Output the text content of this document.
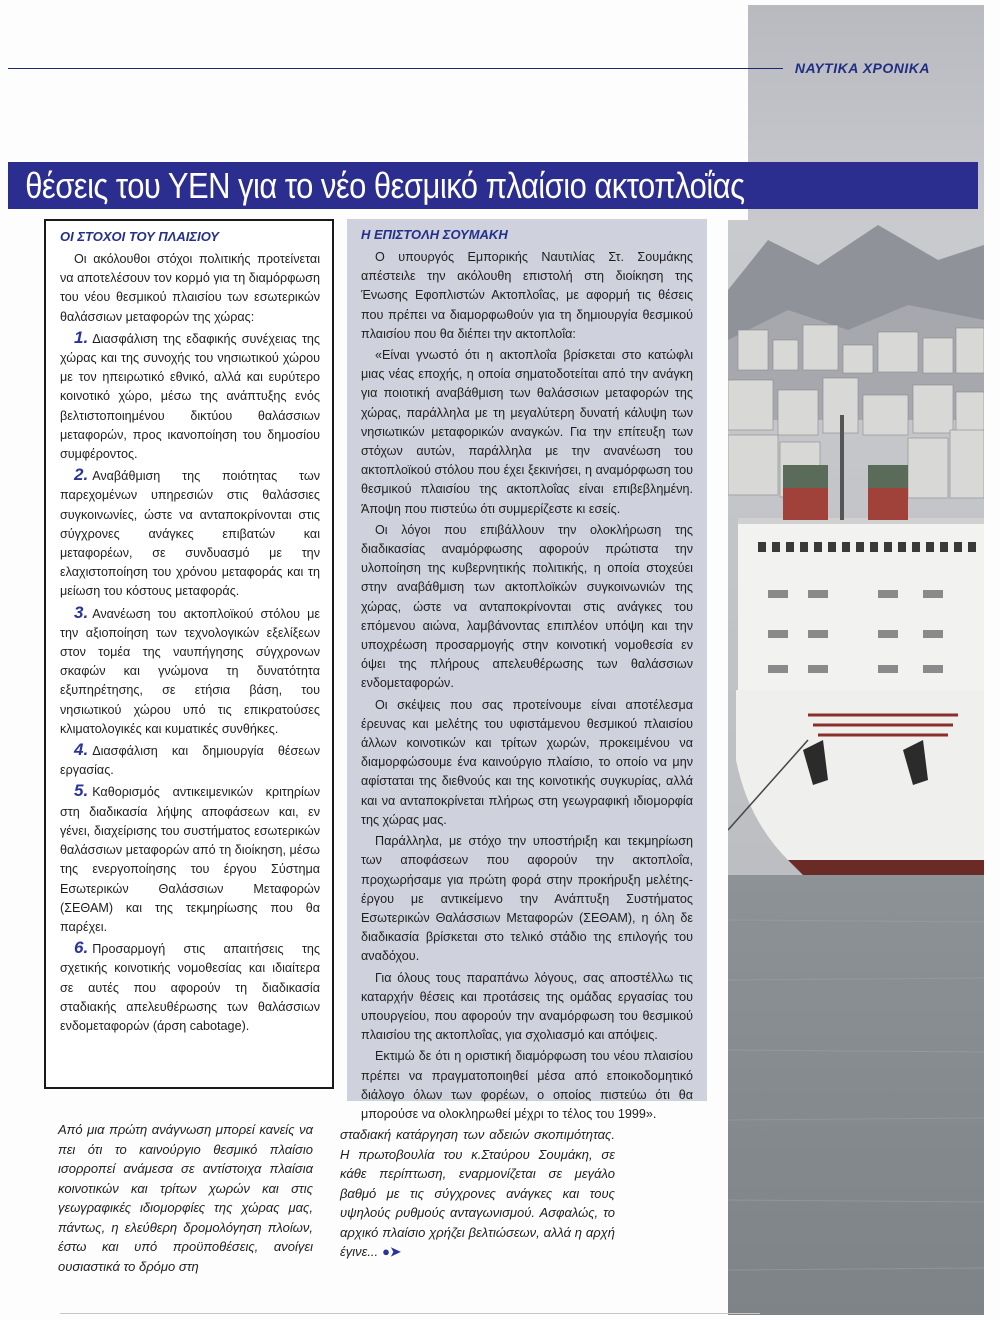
ΝΑΥΤΙΚΑ ΧΡΟΝΙΚΑ
θέσεις του ΥΕΝ για το νέο θεσμικό πλαίσιο ακτοπλοΐας
ΟΙ ΣΤΟΧΟΙ ΤΟΥ ΠΛΑΙΣΙΟΥ

Οι ακόλουθοι στόχοι πολιτικής προτείνεται να αποτελέσουν τον κορμό για τη διαμόρφωση του νέου θεσμικού πλαισίου των εσωτερικών θαλάσσιων μεταφορών της χώρας:

1. Διασφάλιση της εδαφικής συνέχειας της χώρας και της συνοχής του νησιωτικού χώρου με τον ηπειρωτικό εθνικό, αλλά και ευρύτερο κοινοτικό χώρο, μέσω της ανάπτυξης ενός βελτιστοποιημένου δικτύου θαλάσσιων μεταφορών, προς ικανοποίηση του δημοσίου συμφέροντος.

2. Αναβάθμιση της ποιότητας των παρεχομένων υπηρεσιών στις θαλάσσιες συγκοινωνίες, ώστε να ανταποκρίνονται στις σύγχρονες ανάγκες επιβατών και μεταφορέων, σε συνδυασμό με την ελαχιστοποίηση του χρόνου μεταφοράς και τη μείωση του κόστους μεταφοράς.

3. Ανανέωση του ακτοπλοϊκού στόλου με την αξιοποίηση των τεχνολογικών εξελίξεων στον τομέα της ναυπήγησης σύγχρονων σκαφών και γνώμονα τη δυνατότητα εξυπηρέτησης, σε ετήσια βάση, του νησιωτικού χώρου υπό τις επικρατούσες κλιματολογικές και κυματικές συνθήκες.

4. Διασφάλιση και δημιουργία θέσεων εργασίας.

5. Καθορισμός αντικειμενικών κριτηρίων στη διαδικασία λήψης αποφάσεων και, εν γένει, διαχείρισης του συστήματος εσωτερικών θαλάσσιων μεταφορών από τη διοίκηση, μέσω της ενεργοποίησης του έργου Σύστημα Εσωτερικών Θαλάσσιων Μεταφορών (ΣΕΘΑΜ) και της τεκμηρίωσης που θα παρέχει.

6. Προσαρμογή στις απαιτήσεις της σχετικής κοινοτικής νομοθεσίας και ιδιαίτερα σε αυτές που αφορούν τη διαδικασία σταδιακής απελευθέρωσης των θαλάσσιων ενδομεταφορών (άρση cabotage).

Η ΕΠΙΣΤΟΛΗ ΣΟΥΜΑΚΗ

Ο υπουργός Εμπορικής Ναυτιλίας Στ. Σουμάκης απέστειλε την ακόλουθη επιστολή στη διοίκηση της Ένωσης Εφοπλιστών Ακτοπλοΐας, με αφορμή τις θέσεις που πρέπει να διαμορφωθούν για τη δημιουργία θεσμικού πλαισίου που θα διέπει την ακτοπλοΐα:

«Είναι γνωστό ότι η ακτοπλοΐα βρίσκεται στο κατώφλι μιας νέας εποχής, η οποία σηματοδοτείται από την ανάγκη για ποιοτική αναβάθμιση των θαλάσσιων μεταφορών της χώρας, παράλληλα με τη μεγαλύτερη δυνατή κάλυψη των νησιωτικών μεταφορικών αναγκών. Για την επίτευξη των στόχων αυτών, παράλληλα με την ανανέωση του ακτοπλοϊκού στόλου που έχει ξεκινήσει, η αναμόρφωση του θεσμικού πλαισίου της ακτοπλοΐας είναι επιβεβλημένη. Άποψη που πιστεύω ότι συμμερίζεστε κι εσείς.

Οι λόγοι που επιβάλλουν την ολοκλήρωση της διαδικασίας αναμόρφωσης αφορούν πρώτιστα την υλοποίηση της κυβερνητικής πολιτικής, η οποία στοχεύει στην αναβάθμιση των ακτοπλοϊκών συγκοινωνιών της χώρας, ώστε να ανταποκρίνονται στις ανάγκες του επόμενου αιώνα, λαμβάνοντας επιπλέον υπόψη και την υποχρέωση προσαρμογής στην κοινοτική νομοθεσία εν όψει της πλήρους απελευθέρωσης των θαλάσσιων ενδομεταφορών.

Οι σκέψεις που σας προτείνουμε είναι αποτέλεσμα έρευνας και μελέτης του υφιστάμενου θεσμικού πλαισίου άλλων κοινοτικών και τρίτων χωρών, προκειμένου να διαμορφώσουμε ένα καινούργιο πλαίσιο, το οποίο να μην αφίσταται της διεθνούς και της κοινοτικής συγκυρίας, αλλά και να ανταποκρίνεται πλήρως στη γεωγραφική ιδιομορφία της χώρας μας.

Παράλληλα, με στόχο την υποστήριξη και τεκμηρίωση των αποφάσεων που αφορούν την ακτοπλοΐα, προχωρήσαμε για πρώτη φορά στην προκήρυξη μελέτης-έργου με αντικείμενο την Ανάπτυξη Συστήματος Εσωτερικών Θαλάσσιων Μεταφορών (ΣΕΘΑΜ), η όλη δε διαδικασία βρίσκεται στο τελικό στάδιο της επιλογής του αναδόχου.

Για όλους τους παραπάνω λόγους, σας αποστέλλω τις καταρχήν θέσεις και προτάσεις της ομάδας εργασίας του υπουργείου, που αφορούν την αναμόρφωση του θεσμικού πλαισίου της ακτοπλοΐας, για σχολιασμό και απόψεις.

Εκτιμώ δε ότι η οριστική διαμόρφωση του νέου πλαισίου πρέπει να πραγματοποιηθεί μέσα από εποικοδομητικό διάλογο όλων των φορέων, ο οποίος πιστεύω ότι θα μπορούσε να ολοκληρωθεί μέχρι το τέλος του 1999».

Από μια πρώτη ανάγνωση μπορεί κανείς να πει ότι το καινούργιο θεσμικό πλαίσιο ισορροπεί ανάμεσα σε αντίστοιχα πλαίσια κοινοτικών και τρίτων χωρών και στις γεωγραφικές ιδιομορφίες της χώρας μας, πάντως, η ελεύθερη δρομολόγηση πλοίων, έστω και υπό προϋποθέσεις, ανοίγει ουσιαστικά το δρόμο στη

σταδιακή κατάργηση των αδειών σκοπιμότητας. Η πρωτοβουλία του κ.Σταύρου Σουμάκη, σε κάθε περίπτωση, εναρμονίζεται σε μεγάλο βαθμό με τις σύγχρονες ανάγκες και τους υψηλούς ρυθμούς ανταγωνισμού. Ασφαλώς, το αρχικό πλαίσιο χρήζει βελτιώσεων, αλλά η αρχή έγινε... ●➤
